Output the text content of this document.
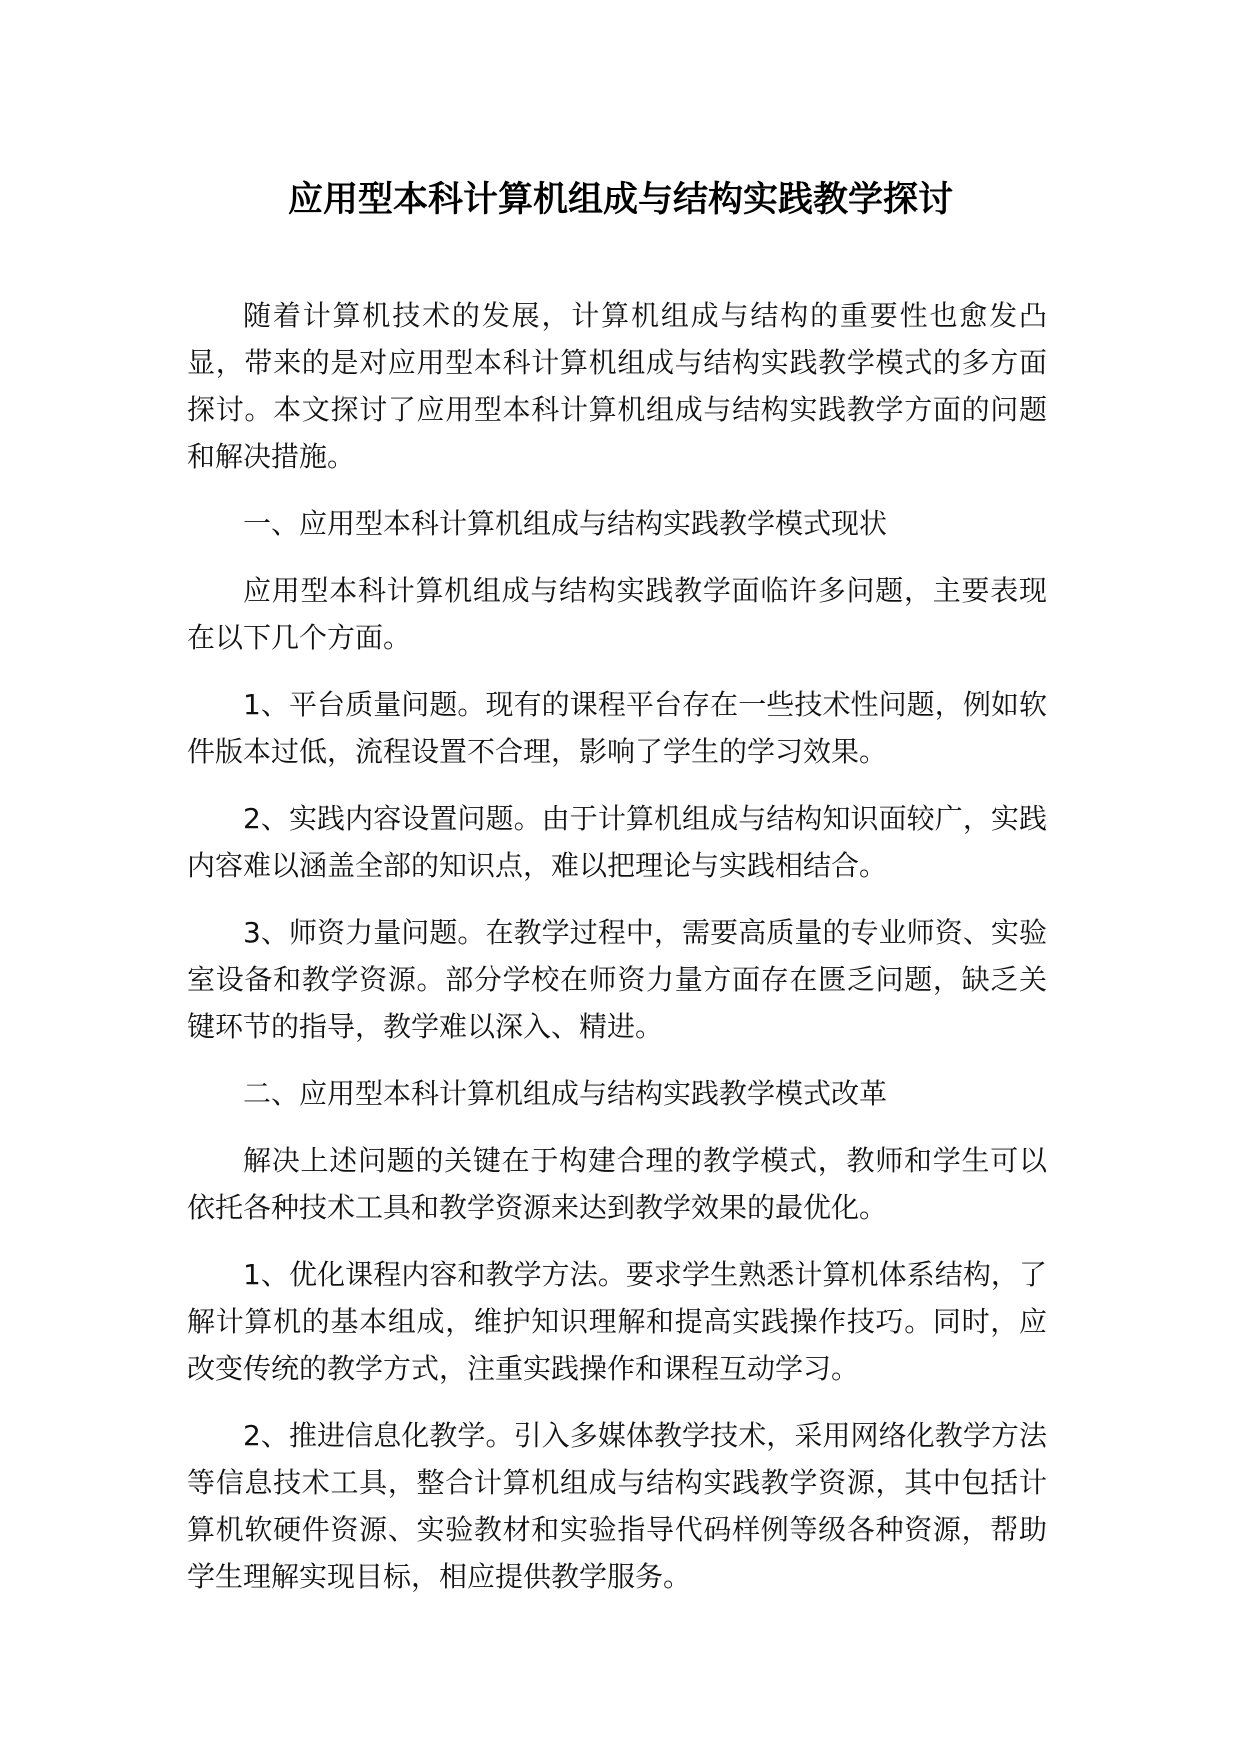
应用型本科计算机组成与结构实践教学探讨

随着计算机技术的发展，计算机组成与结构的重要性也愈发凸显，带来的是对应用型本科计算机组成与结构实践教学模式的多方面探讨。本文探讨了应用型本科计算机组成与结构实践教学方面的问题和解决措施。

一、应用型本科计算机组成与结构实践教学模式现状

应用型本科计算机组成与结构实践教学面临许多问题，主要表现在以下几个方面。

1、平台质量问题。现有的课程平台存在一些技术性问题，例如软件版本过低，流程设置不合理，影响了学生的学习效果。

2、实践内容设置问题。由于计算机组成与结构知识面较广，实践内容难以涵盖全部的知识点，难以把理论与实践相结合。

3、师资力量问题。在教学过程中，需要高质量的专业师资、实验室设备和教学资源。部分学校在师资力量方面存在匮乏问题，缺乏关键环节的指导，教学难以深入、精进。

二、应用型本科计算机组成与结构实践教学模式改革

解决上述问题的关键在于构建合理的教学模式，教师和学生可以依托各种技术工具和教学资源来达到教学效果的最优化。

1、优化课程内容和教学方法。要求学生熟悉计算机体系结构，了解计算机的基本组成，维护知识理解和提高实践操作技巧。同时，应改变传统的教学方式，注重实践操作和课程互动学习。

2、推进信息化教学。引入多媒体教学技术，采用网络化教学方法等信息技术工具，整合计算机组成与结构实践教学资源，其中包括计算机软硬件资源、实验教材和实验指导代码样例等级各种资源，帮助学生理解实现目标，相应提供教学服务。
